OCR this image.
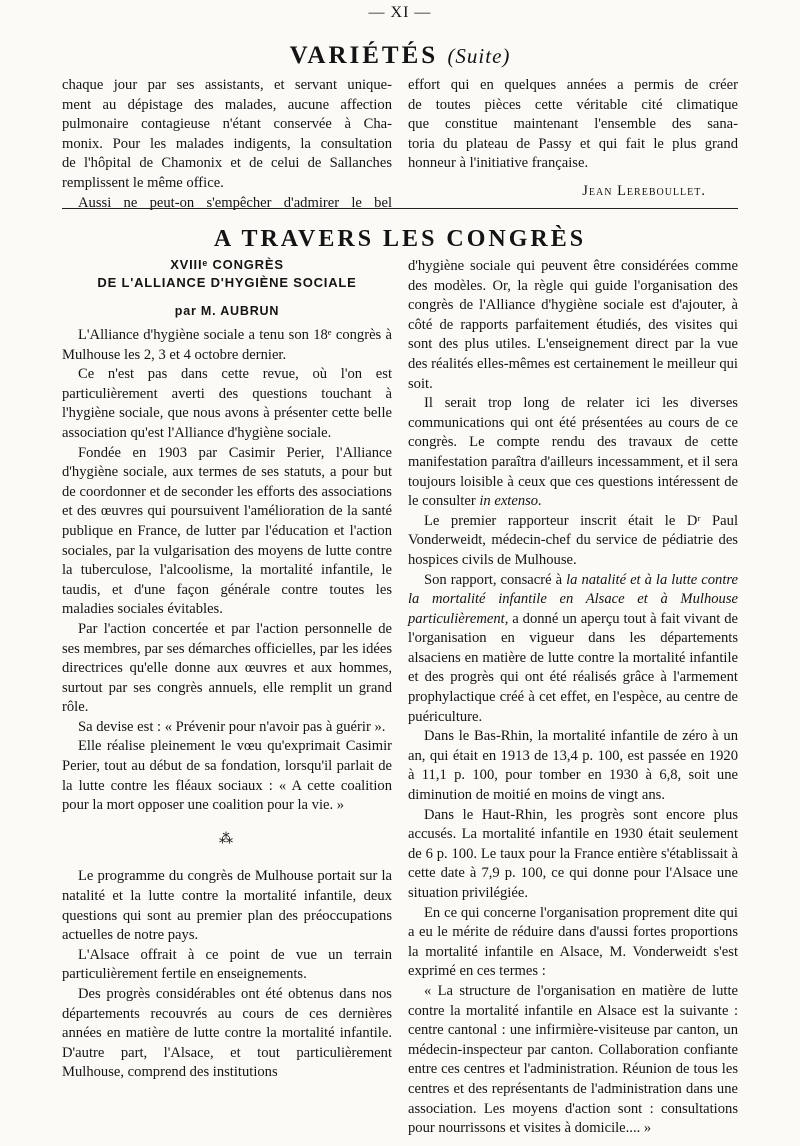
— XI —
VARIÉTÉS (Suite)
chaque jour par ses assistants, et servant unique-
ment au dépistage des malades, aucune affection
pulmonaire contagieuse n'étant conservée à Cha-
monix. Pour les malades indigents, la consultation
de l'hôpital de Chamonix et de celui de Sallanches
remplissent le même office.
Aussi ne peut-on s'empêcher d'admirer le bel
effort qui en quelques années a permis de créer
de toutes pièces cette véritable cité climatique
que constitue maintenant l'ensemble des sana-
toria du plateau de Passy et qui fait le plus grand
honneur à l'initiative française.
Jean Lereboullet.
A TRAVERS LES CONGRÈS
XVIIIᵉ CONGRÈS
DE L'ALLIANCE D'HYGIÈNE SOCIALE
par M. AUBRUN

L'Alliance d'hygiène sociale a tenu son 18ᵉ congrès à Mulhouse les 2, 3 et 4 octobre dernier.

Ce n'est pas dans cette revue, où l'on est particulièrement averti des questions touchant à l'hygiène sociale, que nous avons à présenter cette belle association qu'est l'Alliance d'hygiène sociale.

Fondée en 1903 par Casimir Perier, l'Alliance d'hygiène sociale, aux termes de ses statuts, a pour but de coordonner et de seconder les efforts des associations et des œuvres qui poursuivent l'amélioration de la santé publique en France, de lutter par l'éducation et l'action sociales, par la vulgarisation des moyens de lutte contre la tuberculose, l'alcoolisme, la mortalité infantile, le taudis, et d'une façon générale contre toutes les maladies sociales évitables.

Par l'action concertée et par l'action personnelle de ses membres, par ses démarches officielles, par les idées directrices qu'elle donne aux œuvres et aux hommes, surtout par ses congrès annuels, elle remplit un grand rôle.

Sa devise est : « Prévenir pour n'avoir pas à guérir ».

Elle réalise pleinement le vœu qu'exprimait Casimir Perier, tout au début de sa fondation, lorsqu'il parlait de la lutte contre les fléaux sociaux : « A cette coalition pour la mort opposer une coalition pour la vie. »

⁂

Le programme du congrès de Mulhouse portait sur la natalité et la lutte contre la mortalité infantile, deux questions qui sont au premier plan des préoccupations actuelles de notre pays.

L'Alsace offrait à ce point de vue un terrain particulièrement fertile en enseignements.

Des progrès considérables ont été obtenus dans nos départements recouvrés au cours de ces dernières années en matière de lutte contre la mortalité infantile. D'autre part, l'Alsace, et tout particulièrement Mulhouse, comprend des institutions

d'hygiène sociale qui peuvent être considérées comme des modèles. Or, la règle qui guide l'organisation des congrès de l'Alliance d'hygiène sociale est d'ajouter, à côté de rapports parfaitement étudiés, des visites qui sont des plus utiles. L'enseignement direct par la vue des réalités elles-mêmes est certainement le meilleur qui soit.

Il serait trop long de relater ici les diverses communications qui ont été présentées au cours de ce congrès. Le compte rendu des travaux de cette manifestation paraîtra d'ailleurs incessamment, et il sera toujours loisible à ceux que ces questions intéressent de le consulter in extenso.

Le premier rapporteur inscrit était le Dʳ Paul Vonderweidt, médecin-chef du service de pédiatrie des hospices civils de Mulhouse.

Son rapport, consacré à la natalité et à la lutte contre la mortalité infantile en Alsace et à Mulhouse particulièrement, a donné un aperçu tout à fait vivant de l'organisation en vigueur dans les départements alsaciens en matière de lutte contre la mortalité infantile et des progrès qui ont été réalisés grâce à l'armement prophylactique créé à cet effet, en l'espèce, au centre de puériculture.

Dans le Bas-Rhin, la mortalité infantile de zéro à un an, qui était en 1913 de 13,4 p. 100, est passée en 1920 à 11,1 p. 100, pour tomber en 1930 à 6,8, soit une diminution de moitié en moins de vingt ans.

Dans le Haut-Rhin, les progrès sont encore plus accusés. La mortalité infantile en 1930 était seulement de 6 p. 100. Le taux pour la France entière s'établissait à cette date à 7,9 p. 100, ce qui donne pour l'Alsace une situation privilégiée.

En ce qui concerne l'organisation proprement dite qui a eu le mérite de réduire dans d'aussi fortes proportions la mortalité infantile en Alsace, M. Vonderweidt s'est exprimé en ces termes :

« La structure de l'organisation en matière de lutte contre la mortalité infantile en Alsace est la suivante : centre cantonal : une infirmière-visiteuse par canton, un médecin-inspecteur par canton. Collaboration confiante entre ces centres et l'administration. Réunion de tous les centres et des représentants de l'administration dans une association. Les moyens d'action sont : consultations pour nourrissons et visites à domicile.... »
